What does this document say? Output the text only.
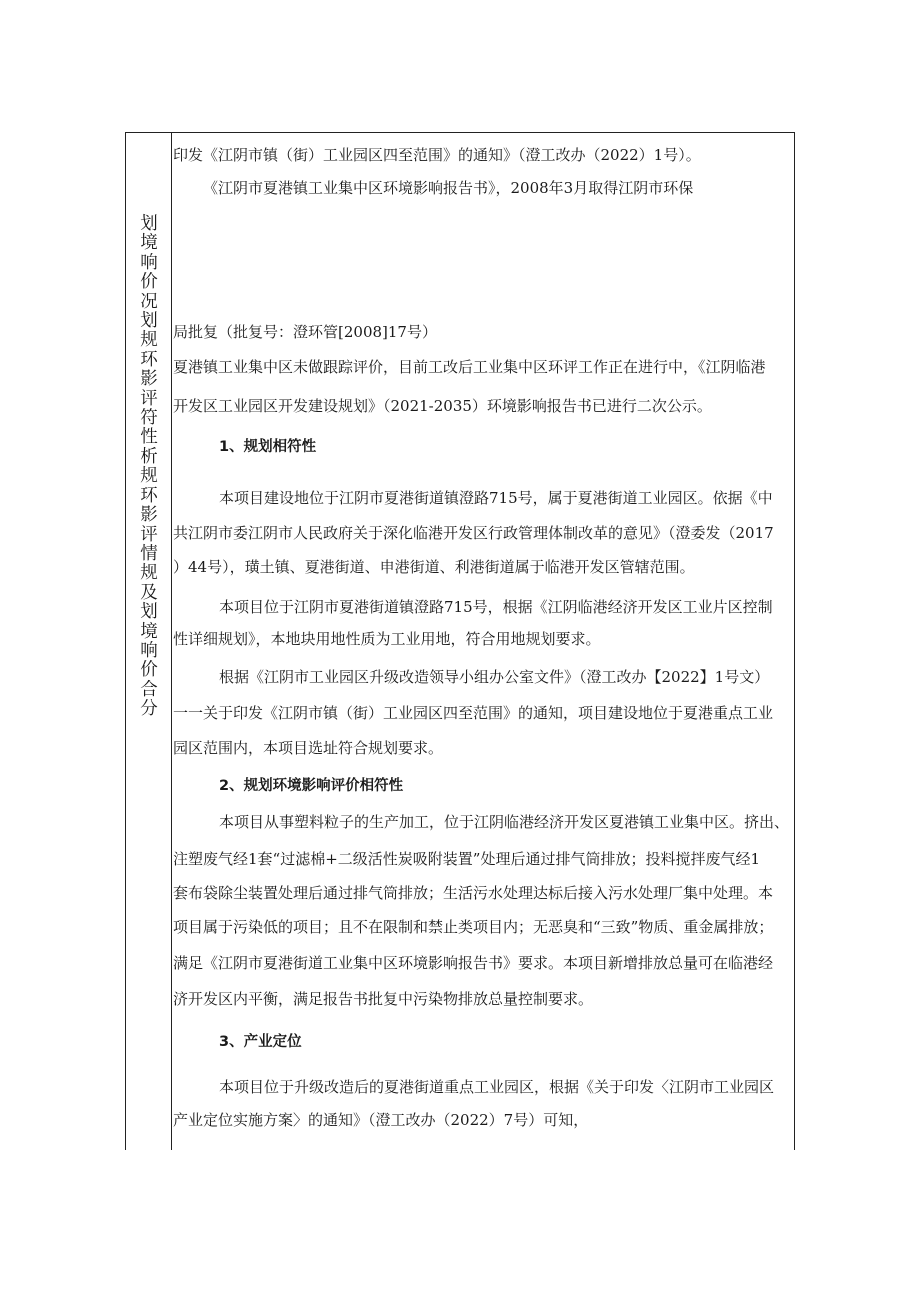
划境响价况划规环影评符性析规环影评情规及划境响价合分
印发《江阴市镇（街）工业园区四至范围》的通知》（澄工改办（2022）1号）。
《江阴市夏港镇工业集中区环境影响报告书》，2008年3月取得江阴市环保
局批复（批复号：澄环管[2008]17号）
夏港镇工业集中区未做跟踪评价，目前工改后工业集中区环评工作正在进行中，《江阴临港
开发区工业园区开发建设规划》（2021-2035）环境影响报告书已进行二次公示。
1、规划相符性
本项目建设地位于江阴市夏港街道镇澄路715号，属于夏港街道工业园区。依据《中
共江阴市委江阴市人民政府关于深化临港开发区行政管理体制改革的意见》（澄委发（2017
）44号），璜土镇、夏港街道、申港街道、利港街道属于临港开发区管辖范围。
本项目位于江阴市夏港街道镇澄路715号，根据《江阴临港经济开发区工业片区控制
性详细规划》，本地块用地性质为工业用地，符合用地规划要求。
根据《江阴市工业园区升级改造领导小组办公室文件》（澄工改办【2022】1号文）
一一关于印发《江阴市镇（街）工业园区四至范围》的通知，项目建设地位于夏港重点工业
园区范围内，本项目选址符合规划要求。
2、规划环境影响评价相符性
本项目从事塑料粒子的生产加工，位于江阴临港经济开发区夏港镇工业集中区。挤出、
注塑废气经1套“过滤棉+二级活性炭吸附装置”处理后通过排气筒排放；投料搅拌废气经1
套布袋除尘装置处理后通过排气筒排放；生活污水处理达标后接入污水处理厂集中处理。本
项目属于污染低的项目；且不在限制和禁止类项目内；无恶臭和“三致”物质、重金属排放；
满足《江阴市夏港街道工业集中区环境影响报告书》要求。本项目新增排放总量可在临港经
济开发区内平衡，满足报告书批复中污染物排放总量控制要求。
3、产业定位
本项目位于升级改造后的夏港街道重点工业园区，根据《关于印发〈江阴市工业园区
产业定位实施方案〉的通知》（澄工改办（2022）7号）可知，
